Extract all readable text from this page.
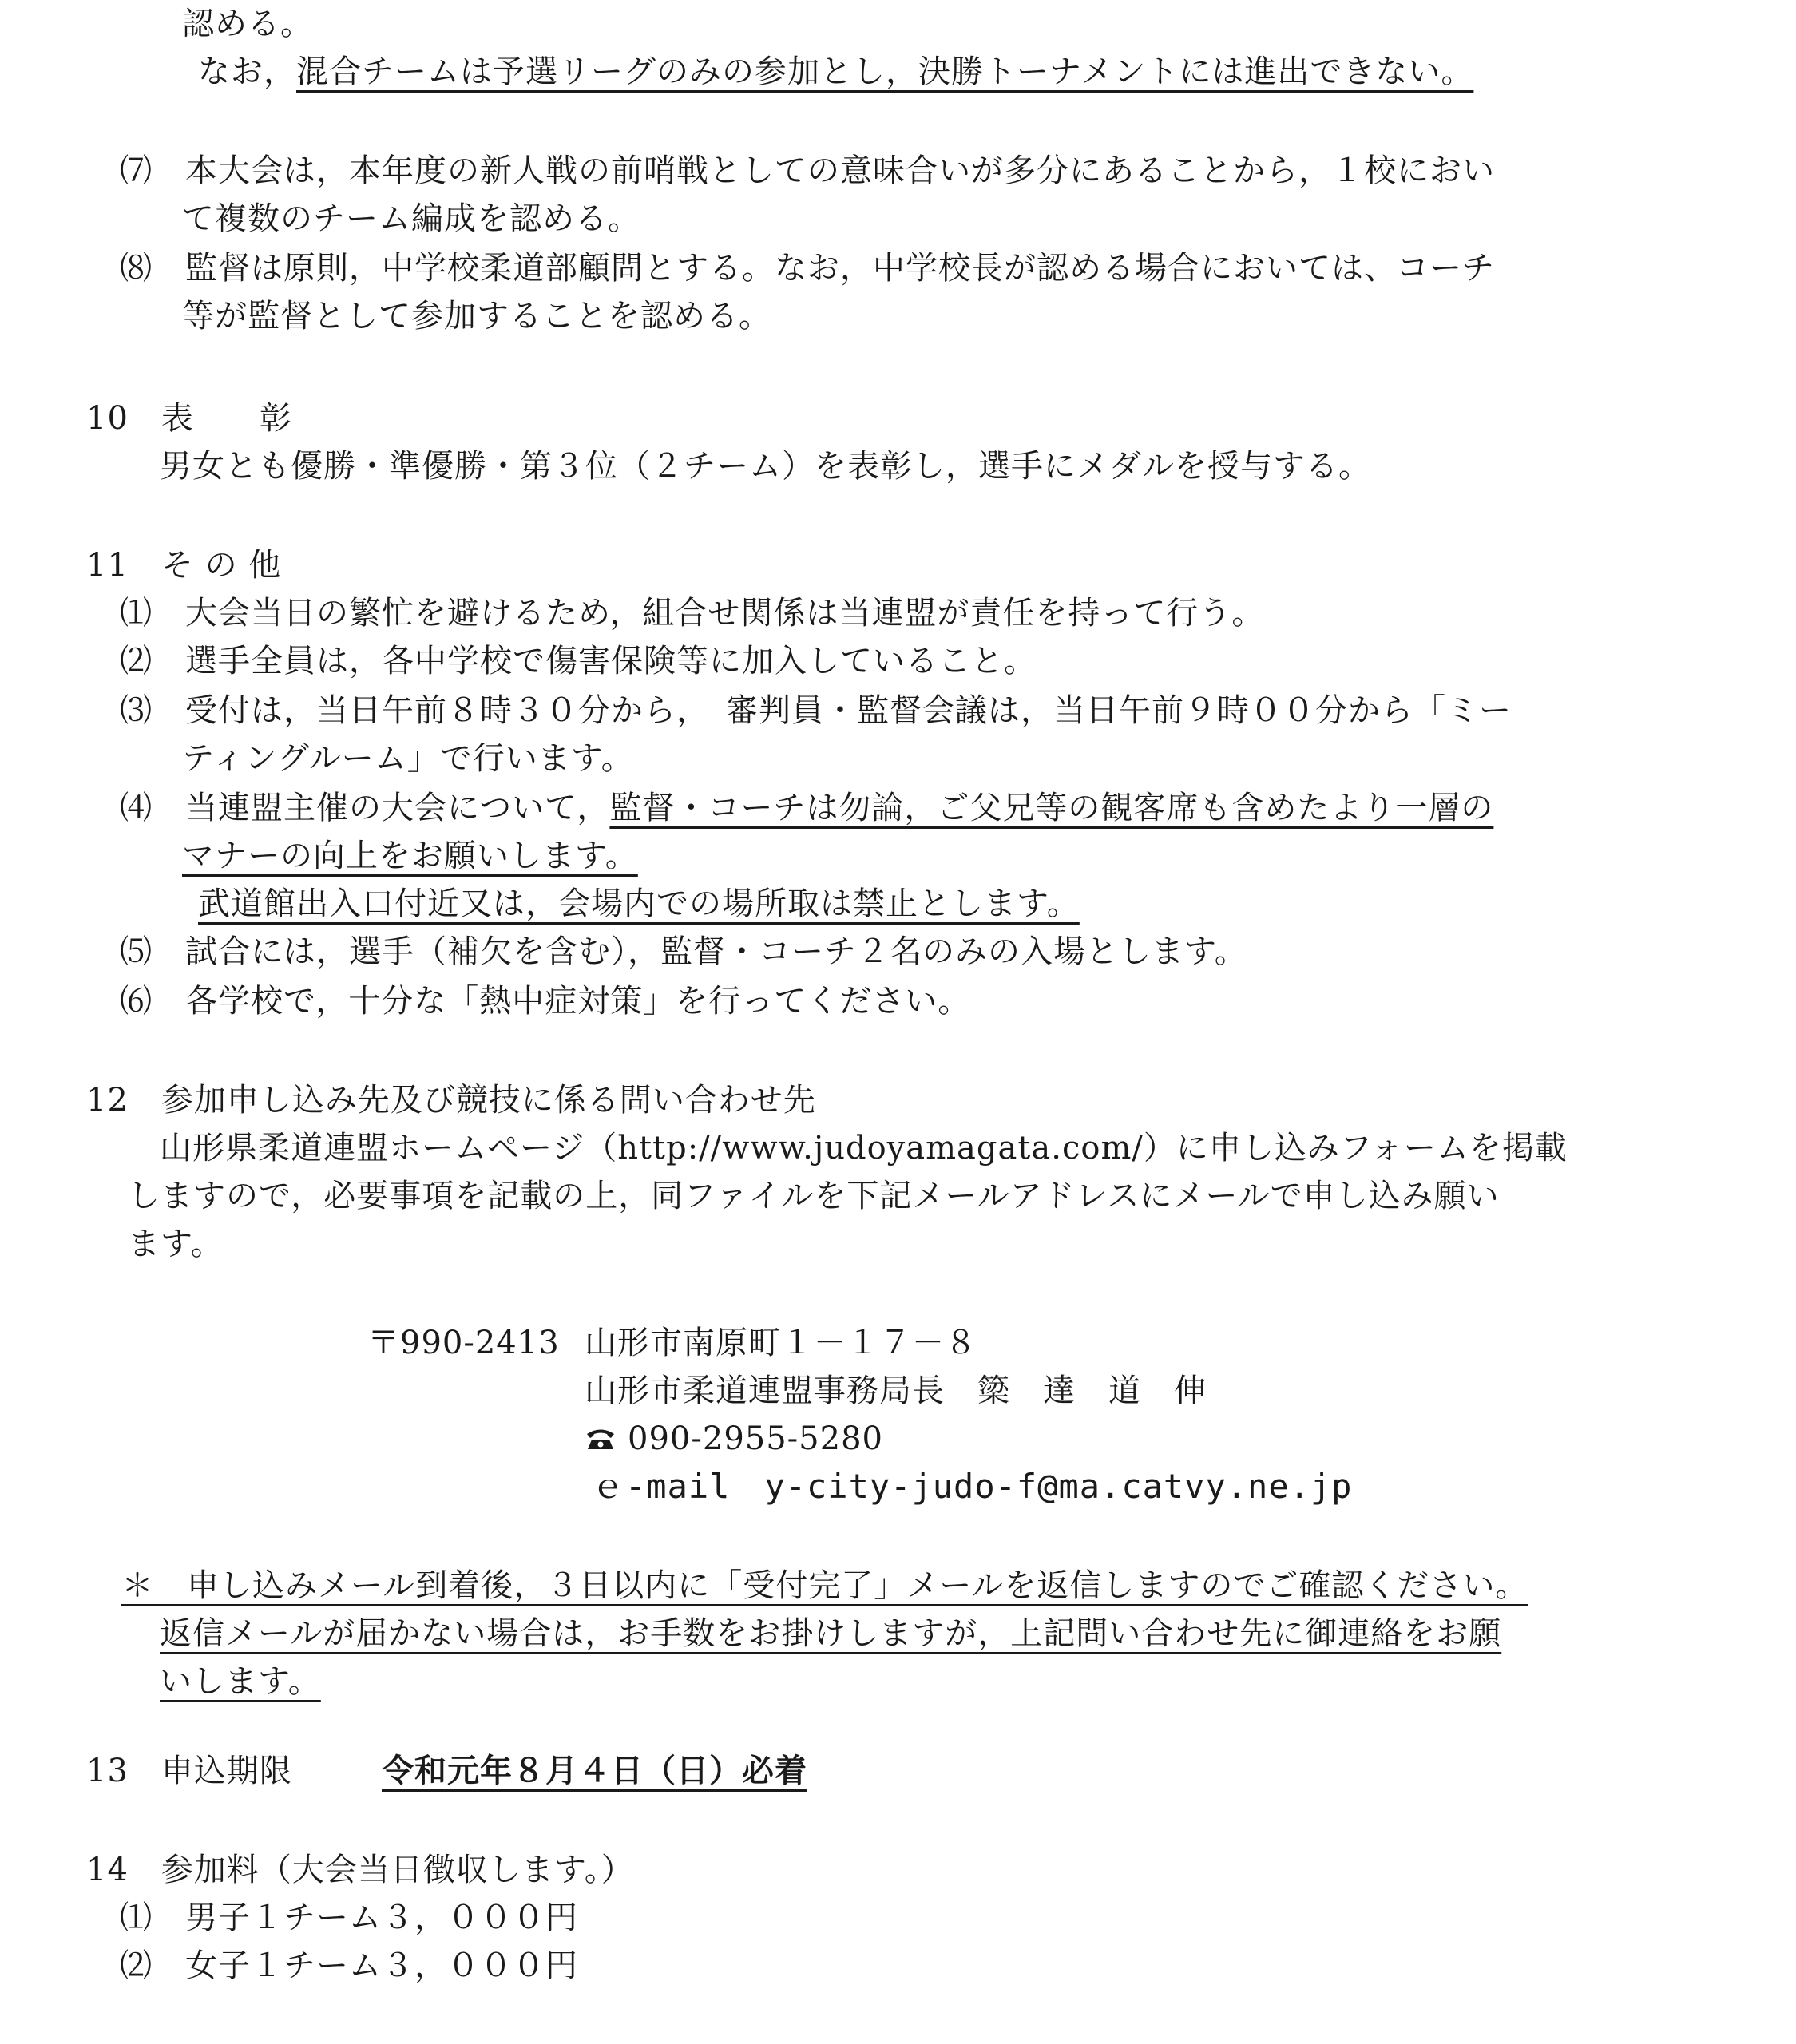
認める。
なお，混合チームは予選リーグのみの参加とし，決勝トーナメントには進出できない。
⑺　 本大会は，本年度の新人戦の前哨戦としての意味合いが多分にあることから，１校におい
て複数のチーム編成を認める。
⑻　 監督は原則，中学校柔道部顧問とする。なお，中学校長が認める場合においては、コーチ
等が監督として参加することを認める。
10　表　　彰
男女とも優勝・準優勝・第３位（２チーム）を表彰し，選手にメダルを授与する。
11　そ の 他
⑴　 大会当日の繁忙を避けるため，組合せ関係は当連盟が責任を持って行う。
⑵　 選手全員は，各中学校で傷害保険等に加入していること。
⑶　 受付は，当日午前８時３０分から，　審判員・監督会議は，当日午前９時００分から「ミー
ティングルーム」で行います。
⑷　 当連盟主催の大会について，監督・コーチは勿論，ご父兄等の観客席も含めたより一層の
マナーの向上をお願いします。
武道館出入口付近又は，会場内での場所取は禁止とします。
⑸　 試合には，選手（補欠を含む），監督・コーチ２名のみの入場とします。
⑹　 各学校で，十分な「熱中症対策」を行ってください。
12　参加申し込み先及び競技に係る問い合わせ先
山形県柔道連盟ホームページ（http://www.judoyamagata.com/）に申し込みフォームを掲載
しますので，必要事項を記載の上，同ファイルを下記メールアドレスにメールで申し込み願い
ます。
〒990-2413 山形市南原町１－１７－８
山形市柔道連盟事務局長　簗　達　道　伸
090-2955-5280
ｅ-mail　 y-city-judo-f@ma.catvy.ne.jp
＊　申し込みメール到着後，３日以内に「受付完了」メールを返信しますのでご確認ください。
返信メールが届かない場合は，お手数をお掛けしますが，上記問い合わせ先に御連絡をお願
いします。
13　申込期限	令和元年８月４日（日）必着
14　参加料（大会当日徴収します。）
⑴　 男子１チーム３，０００円
⑵　 女子１チーム３，０００円
